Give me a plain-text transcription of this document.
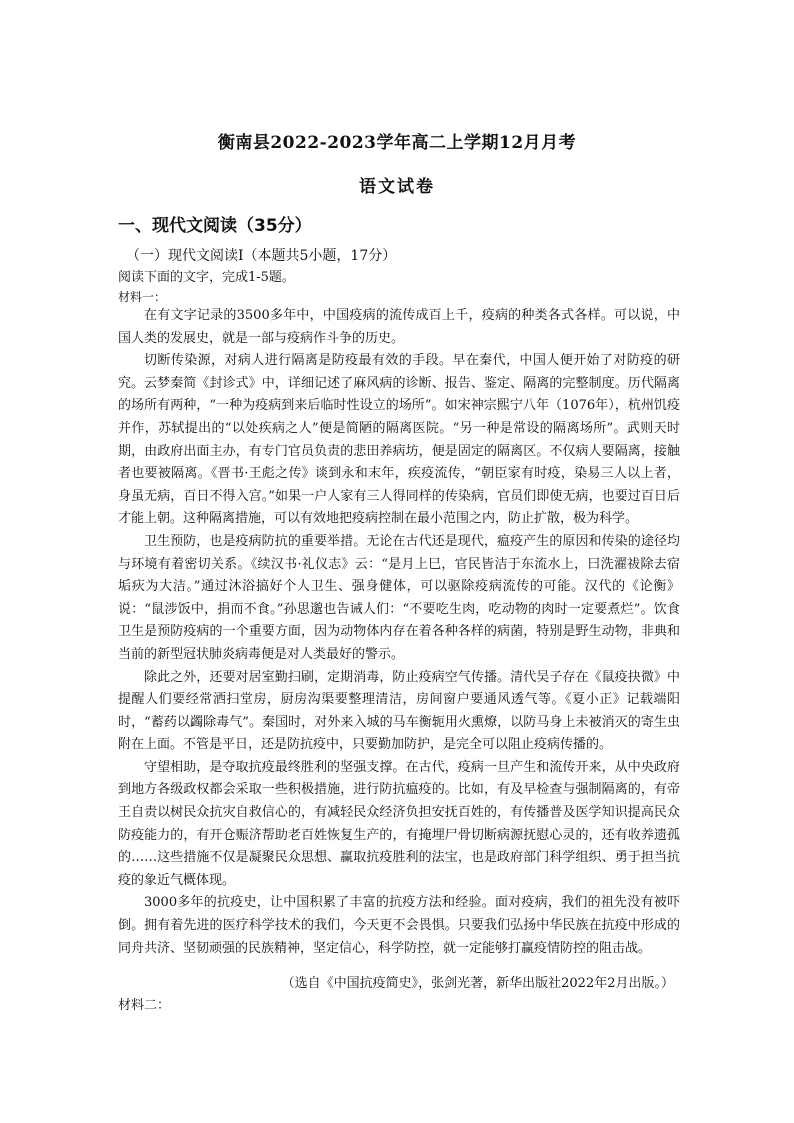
衡南县2022-2023学年高二上学期12月月考
语文试卷
一、现代文阅读（35分）
（一）现代文阅读Ⅰ（本题共5小题，17分）
阅读下面的文字，完成1-5题。
材料一：

在有文字记录的3500多年中，中国疫病的流传成百上千，疫病的种类各式各样。可以说，中国人类的发展史，就是一部与疫病作斗争的历史。

切断传染源，对病人进行隔离是防疫最有效的手段。早在秦代，中国人便开始了对防疫的研究。云梦秦简《封诊式》中，详细记述了麻风病的诊断、报告、鉴定、隔离的完整制度。历代隔离的场所有两种，“一种为疫病到来后临时性设立的场所”。如宋神宗熙宁八年（1076年），杭州饥疫并作，苏轼提出的“以处疾病之人”便是简陋的隔离医院。“另一种是常设的隔离场所”。武则天时期，由政府出面主办，有专门官员负责的悲田养病坊，便是固定的隔离区。不仅病人要隔离，接触者也要被隔离。《晋书·王彪之传》谈到永和末年，疾疫流传，“朝臣家有时疫，染易三人以上者，身虽无病，百日不得入宫。”如果一户人家有三人得同样的传染病，官员们即使无病，也要过百日后才能上朝。这种隔离措施，可以有效地把疫病控制在最小范围之内，防止扩散，极为科学。

卫生预防，也是疫病防抗的重要举措。无论在古代还是现代，瘟疫产生的原因和传染的途径均与环境有着密切关系。《续汉书·礼仪志》云：“是月上巳，官民皆洁于东流水上，曰洗濯祓除去宿垢疢为大洁。”通过沐浴搞好个人卫生、强身健体，可以驱除疫病流传的可能。汉代的《论衡》说：“鼠涉饭中，捐而不食。”孙思邈也告诫人们：“不要吃生肉，吃动物的肉时一定要煮烂”。饮食卫生是预防疫病的一个重要方面，因为动物体内存在着各种各样的病菌，特别是野生动物，非典和当前的新型冠状肺炎病毒便是对人类最好的警示。

除此之外，还要对居室勤扫刷，定期消毒，防止疫病空气传播。清代吴子存在《鼠疫抉微》中提醒人们要经常洒扫堂房，厨房沟渠要整理清洁，房间窗户要通风透气等。《夏小正》记载端阳时，“蓄药以蠲除毒气”。秦国时，对外来入城的马车衡轭用火熏燎，以防马身上未被消灭的寄生虫附在上面。不管是平日，还是防抗疫中，只要勤加防护，是完全可以阻止疫病传播的。

守望相助，是夺取抗疫最终胜利的坚强支撑。在古代，疫病一旦产生和流传开来，从中央政府到地方各级政权都会采取一些积极措施，进行防抗瘟疫的。比如，有及早检查与强制隔离的，有帝王自责以树民众抗灾自救信心的，有减轻民众经济负担安抚百姓的，有传播普及医学知识提高民众防疫能力的，有开仓赈济帮助老百姓恢复生产的，有掩埋尸骨切断病源抚慰心灵的，还有收养遗孤的……这些措施不仅是凝聚民众思想、赢取抗疫胜利的法宝，也是政府部门科学组织、勇于担当抗疫的象近气概体现。

3000多年的抗疫史，让中国积累了丰富的抗疫方法和经验。面对疫病，我们的祖先没有被吓倒。拥有着先进的医疗科学技术的我们，今天更不会畏惧。只要我们弘扬中华民族在抗疫中形成的同舟共济、坚韧顽强的民族精神，坚定信心，科学防控，就一定能够打赢疫情防控的阻击战。

（选自《中国抗疫简史》，张剑光著，新华出版社2022年2月出版。）
材料二：
